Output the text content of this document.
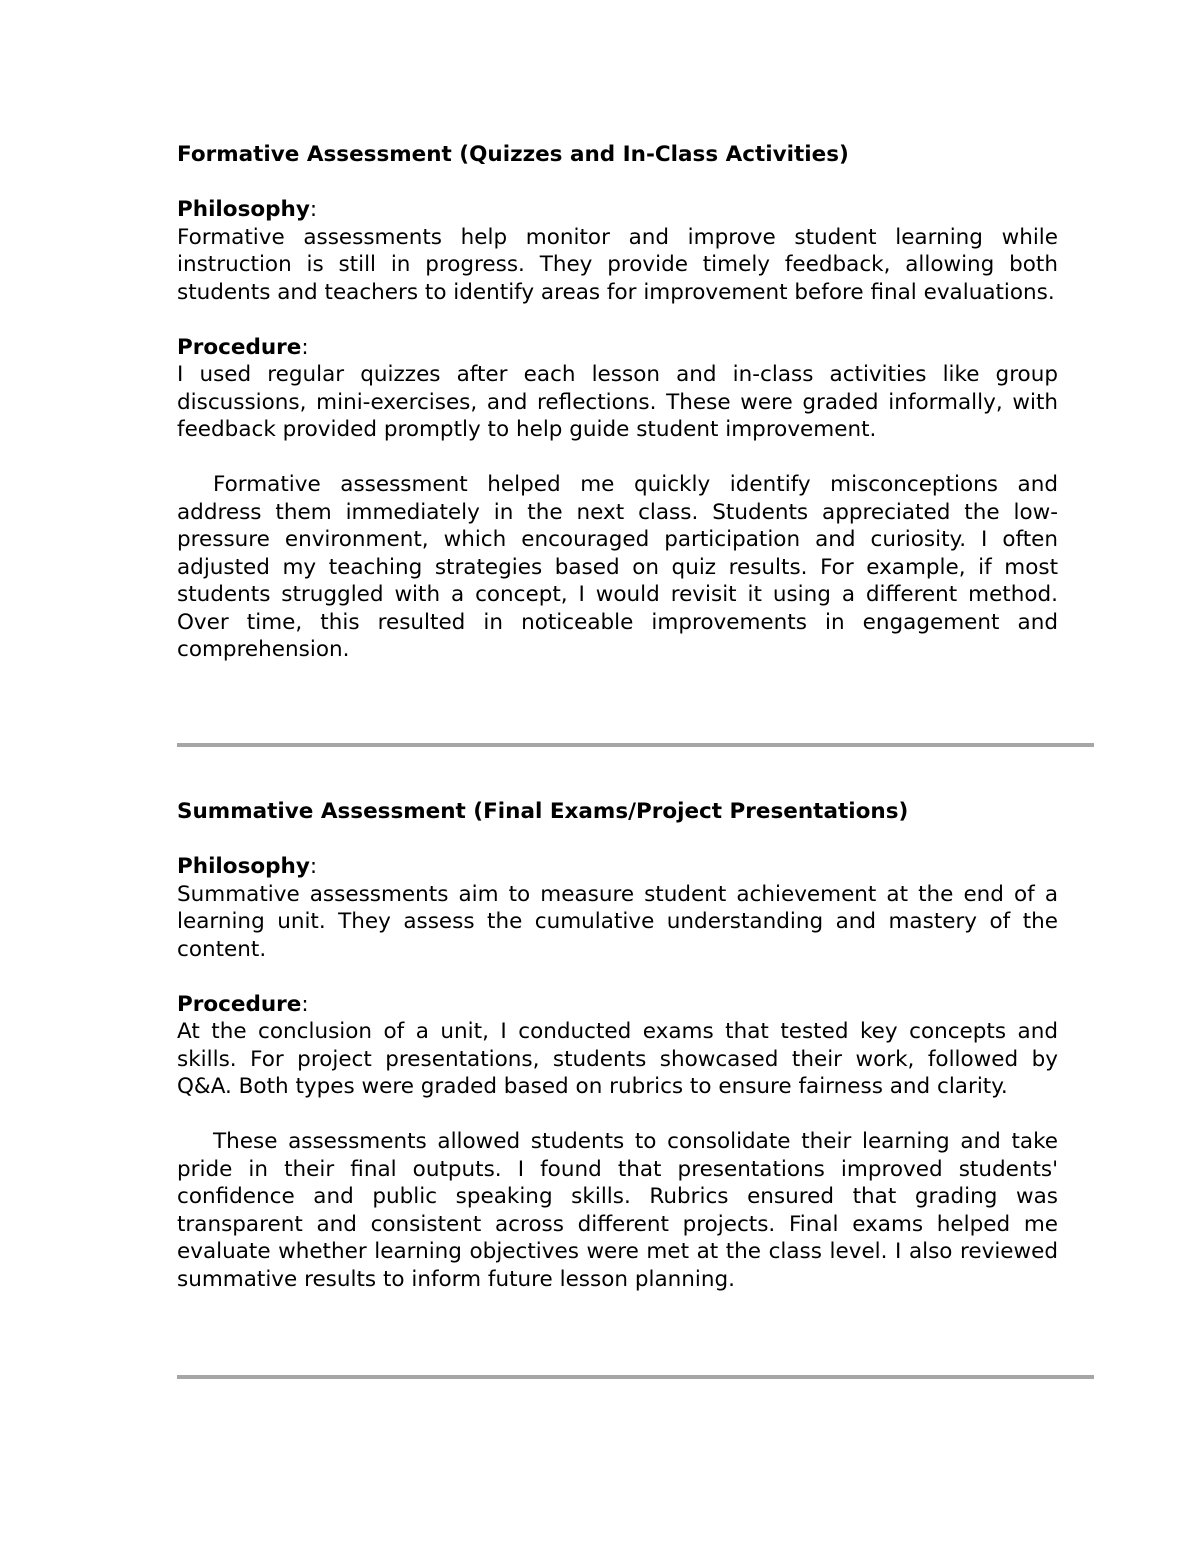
Formative Assessment (Quizzes and In-Class Activities)
Philosophy:

Formative assessments help monitor and improve student learning while instruction is still in progress. They provide timely feedback, allowing both students and teachers to identify areas for improvement before final evaluations.

Procedure:

I used regular quizzes after each lesson and in-class activities like group discussions, mini-exercises, and reflections. These were graded informally, with feedback provided promptly to help guide student improvement.

Formative assessment helped me quickly identify misconceptions and address them immediately in the next class. Students appreciated the low-pressure environment, which encouraged participation and curiosity. I often adjusted my teaching strategies based on quiz results. For example, if most students struggled with a concept, I would revisit it using a different method. Over time, this resulted in noticeable improvements in engagement and comprehension.

Summative Assessment (Final Exams/Project Presentations)
Philosophy:

Summative assessments aim to measure student achievement at the end of a learning unit. They assess the cumulative understanding and mastery of the content.

Procedure:

At the conclusion of a unit, I conducted exams that tested key concepts and skills. For project presentations, students showcased their work, followed by Q&A. Both types were graded based on rubrics to ensure fairness and clarity.

These assessments allowed students to consolidate their learning and take pride in their final outputs. I found that presentations improved students' confidence and public speaking skills. Rubrics ensured that grading was transparent and consistent across different projects. Final exams helped me evaluate whether learning objectives were met at the class level. I also reviewed summative results to inform future lesson planning.
